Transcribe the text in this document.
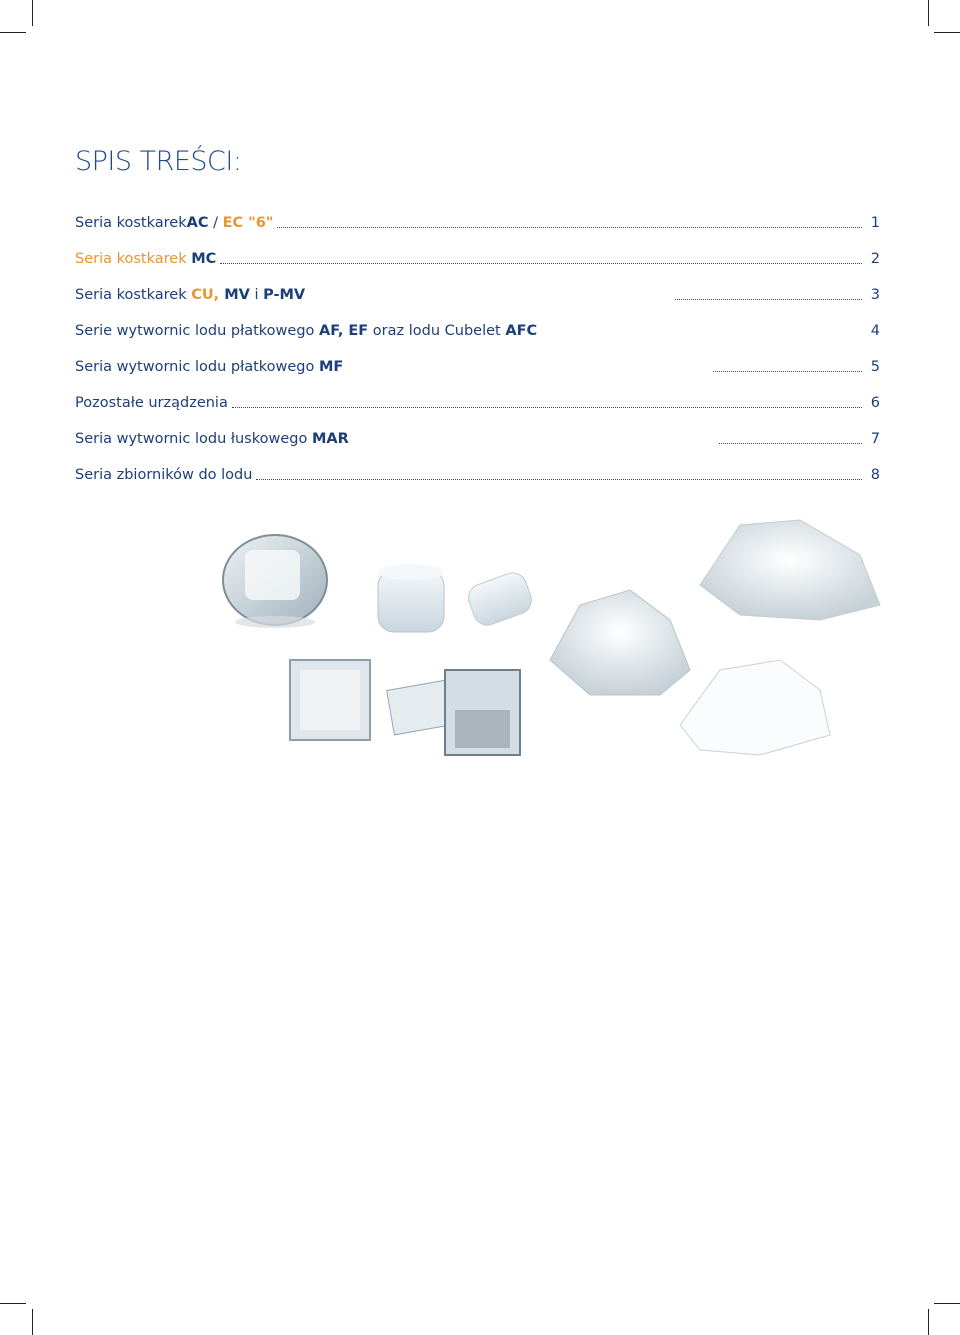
SPIS TREŚCI:
Seria kostkarek AC / EC "6"	1
Seria kostkarek MC	2
Seria kostkarek CU, MV i P-MV	3
Serie wytwornic lodu płatkowego AF, EF oraz lodu Cubelet AFC	4
Seria wytwornic lodu płatkowego MF	5
Pozostałe urządzenia	6
Seria wytwornic lodu łuskowego MAR	7
Seria zbiorników do lodu	8
